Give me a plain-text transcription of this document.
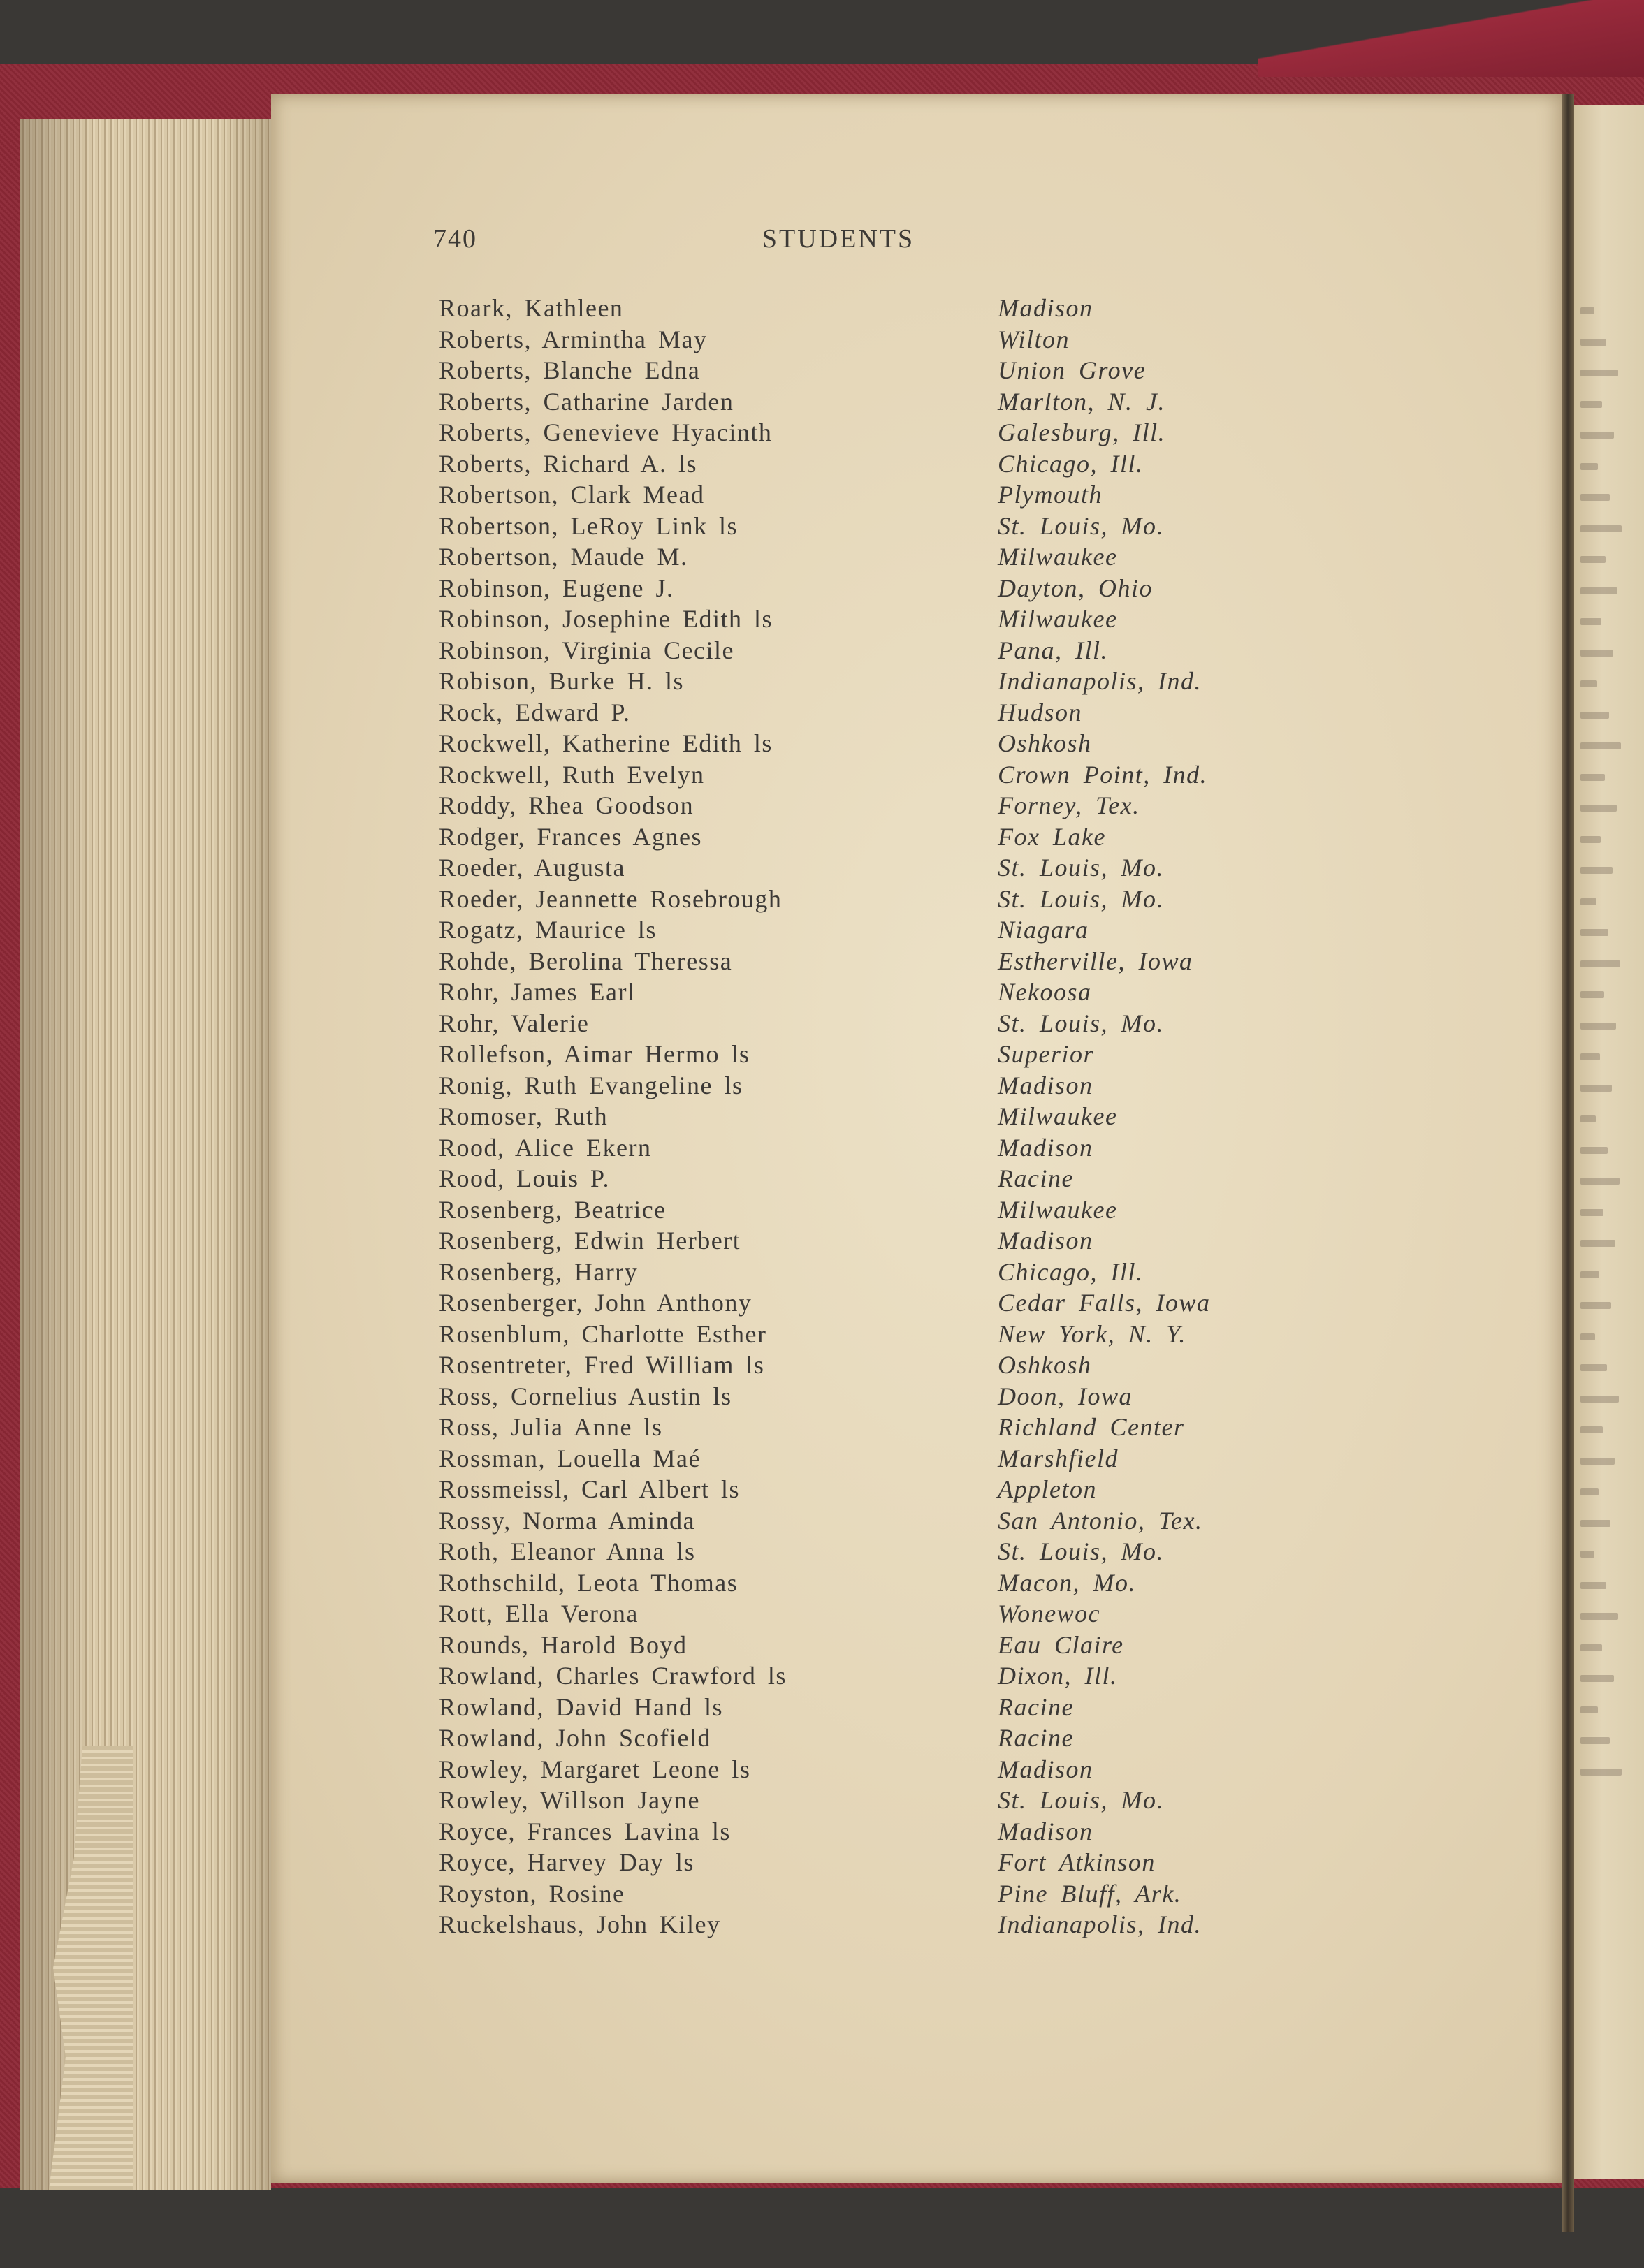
740	STUDENTS
Roark, Kathleen	Madison
Roberts, Armintha May	Wilton
Roberts, Blanche Edna	Union Grove
Roberts, Catharine Jarden	Marlton, N. J.
Roberts, Genevieve Hyacinth	Galesburg, Ill.
Roberts, Richard A. ls	Chicago, Ill.
Robertson, Clark Mead	Plymouth
Robertson, LeRoy Link ls	St. Louis, Mo.
Robertson, Maude M.	Milwaukee
Robinson, Eugene J.	Dayton, Ohio
Robinson, Josephine Edith ls	Milwaukee
Robinson, Virginia Cecile	Pana, Ill.
Robison, Burke H. ls	Indianapolis, Ind.
Rock, Edward P.	Hudson
Rockwell, Katherine Edith ls	Oshkosh
Rockwell, Ruth Evelyn	Crown Point, Ind.
Roddy, Rhea Goodson	Forney, Tex.
Rodger, Frances Agnes	Fox Lake
Roeder, Augusta	St. Louis, Mo.
Roeder, Jeannette Rosebrough	St. Louis, Mo.
Rogatz, Maurice ls	Niagara
Rohde, Berolina Theressa	Estherville, Iowa
Rohr, James Earl	Nekoosa
Rohr, Valerie	St. Louis, Mo.
Rollefson, Aimar Hermo ls	Superior
Ronig, Ruth Evangeline ls	Madison
Romoser, Ruth	Milwaukee
Rood, Alice Ekern	Madison
Rood, Louis P.	Racine
Rosenberg, Beatrice	Milwaukee
Rosenberg, Edwin Herbert	Madison
Rosenberg, Harry	Chicago, Ill.
Rosenberger, John Anthony	Cedar Falls, Iowa
Rosenblum, Charlotte Esther	New York, N. Y.
Rosentreter, Fred William ls	Oshkosh
Ross, Cornelius Austin ls	Doon, Iowa
Ross, Julia Anne ls	Richland Center
Rossman, Louella Maé	Marshfield
Rossmeissl, Carl Albert ls	Appleton
Rossy, Norma Aminda	San Antonio, Tex.
Roth, Eleanor Anna ls	St. Louis, Mo.
Rothschild, Leota Thomas	Macon, Mo.
Rott, Ella Verona	Wonewoc
Rounds, Harold Boyd	Eau Claire
Rowland, Charles Crawford ls	Dixon, Ill.
Rowland, David Hand ls	Racine
Rowland, John Scofield	Racine
Rowley, Margaret Leone ls	Madison
Rowley, Willson Jayne	St. Louis, Mo.
Royce, Frances Lavina ls	Madison
Royce, Harvey Day ls	Fort Atkinson
Royston, Rosine	Pine Bluff, Ark.
Ruckelshaus, John Kiley	Indianapolis, Ind.
